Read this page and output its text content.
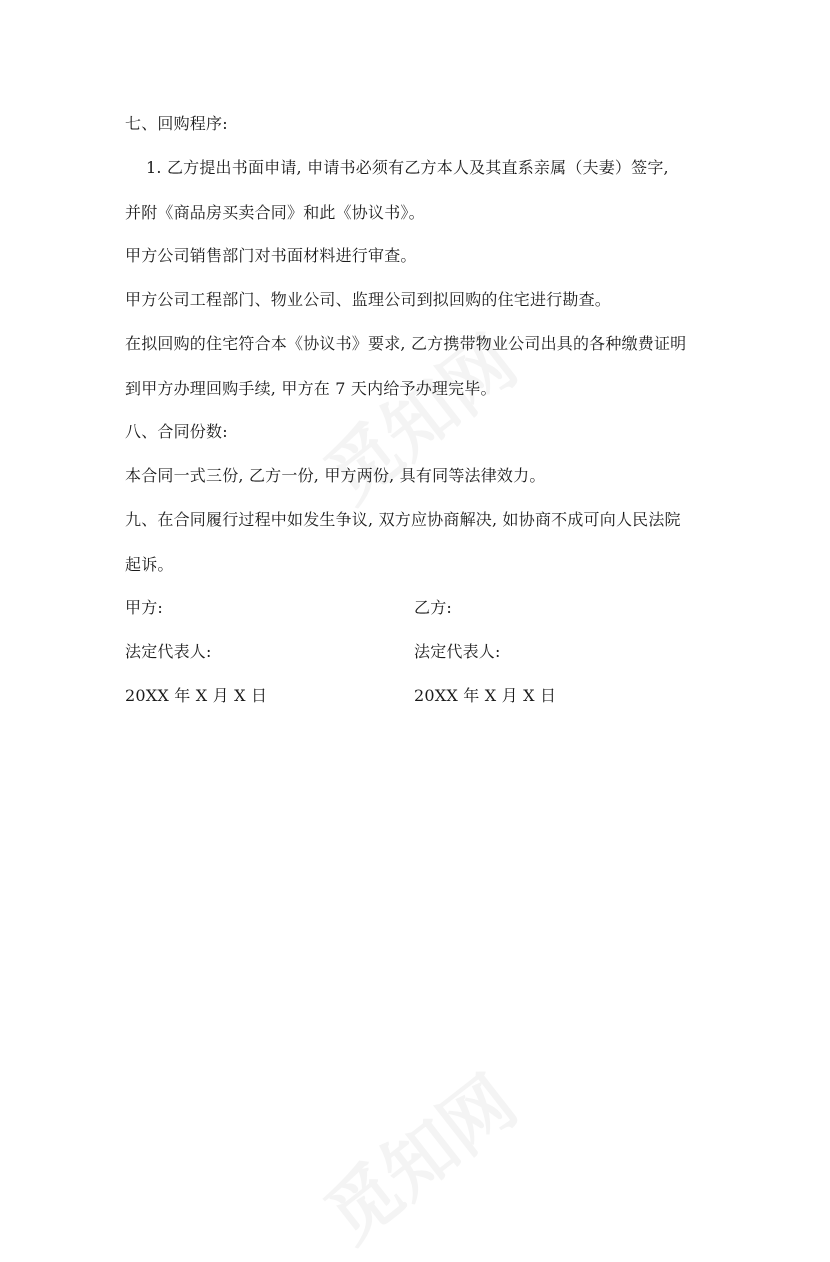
七、回购程序:
1. 乙方提出书面申请, 申请书必须有乙方本人及其直系亲属（夫妻）签字,
并附《商品房买卖合同》和此《协议书》。
甲方公司销售部门对书面材料进行审查。
甲方公司工程部门、物业公司、监理公司到拟回购的住宅进行勘查。
在拟回购的住宅符合本《协议书》要求, 乙方携带物业公司出具的各种缴费证明
到甲方办理回购手续, 甲方在 7 天内给予办理完毕。
八、合同份数:
本合同一式三份, 乙方一份, 甲方两份, 具有同等法律效力。
九、在合同履行过程中如发生争议, 双方应协商解决, 如协商不成可向人民法院
起诉。
甲方:	乙方:
法定代表人:	法定代表人:
20XX 年 X 月 X 日	20XX 年 X 月 X 日
